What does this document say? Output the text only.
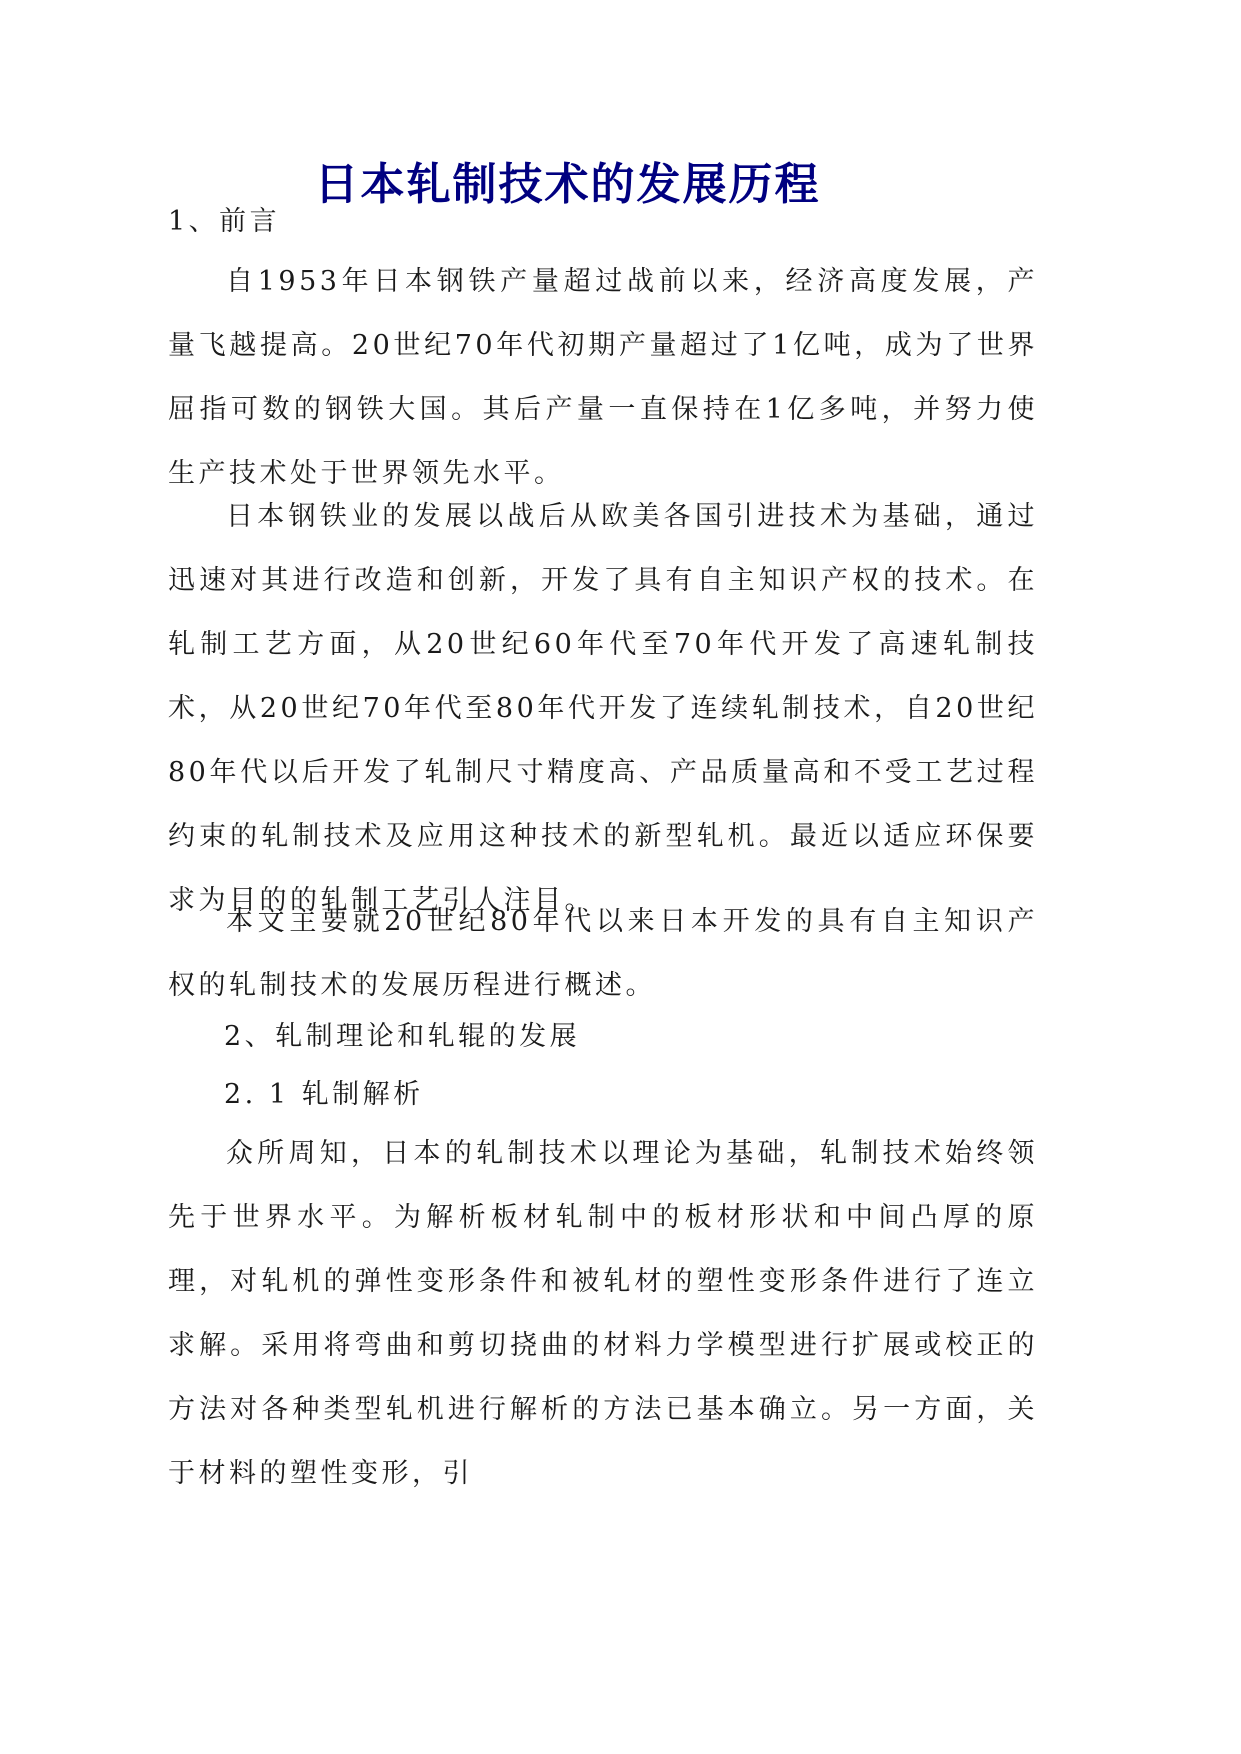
日本轧制技术的发展历程

1、前言

自1953年日本钢铁产量超过战前以来，经济高度发展，产量飞越提高。20世纪70年代初期产量超过了1亿吨，成为了世界屈指可数的钢铁大国。其后产量一直保持在1亿多吨，并努力使生产技术处于世界领先水平。

日本钢铁业的发展以战后从欧美各国引进技术为基础，通过迅速对其进行改造和创新，开发了具有自主知识产权的技术。在轧制工艺方面，从20世纪60年代至70年代开发了高速轧制技术，从20世纪70年代至80年代开发了连续轧制技术，自20世纪80年代以后开发了轧制尺寸精度高、产品质量高和不受工艺过程约束的轧制技术及应用这种技术的新型轧机。最近以适应环保要求为目的的轧制工艺引人注目。

本文主要就20世纪80年代以来日本开发的具有自主知识产权的轧制技术的发展历程进行概述。

2、轧制理论和轧辊的发展

2. 1 轧制解析

众所周知，日本的轧制技术以理论为基础，轧制技术始终领先于世界水平。为解析板材轧制中的板材形状和中间凸厚的原理，对轧机的弹性变形条件和被轧材的塑性变形条件进行了连立求解。采用将弯曲和剪切挠曲的材料力学模型进行扩展或校正的方法对各种类型轧机进行解析的方法已基本确立。另一方面，关于材料的塑性变形，引
